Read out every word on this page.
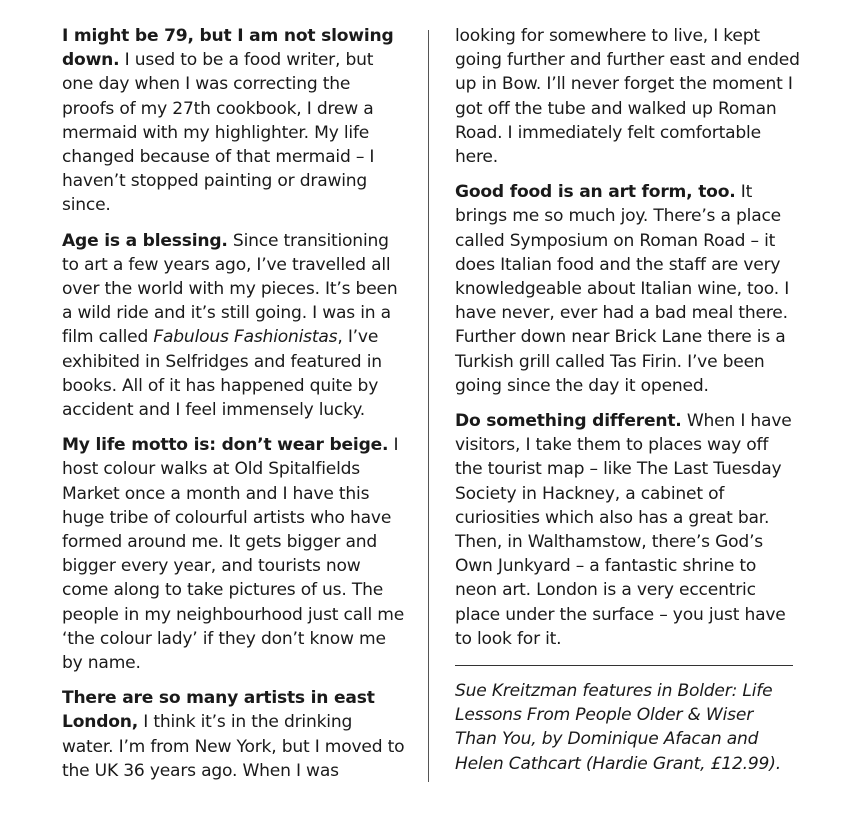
I might be 79, but I am not slowing down. I used to be a food writer, but one day when I was correcting the proofs of my 27th cookbook, I drew a mermaid with my highlighter. My life changed because of that mermaid – I haven’t stopped painting or drawing since.

Age is a blessing. Since transitioning to art a few years ago, I’ve travelled all over the world with my pieces. It’s been a wild ride and it’s still going. I was in a film called Fabulous Fashionistas, I’ve exhibited in Selfridges and featured in books. All of it has happened quite by accident and I feel immensely lucky.

My life motto is: don’t wear beige. I host colour walks at Old Spitalfields Market once a month and I have this huge tribe of colourful artists who have formed around me. It gets bigger and bigger every year, and tourists now come along to take pictures of us. The people in my neighbourhood just call me ‘the colour lady’ if they don’t know me by name.

There are so many artists in east London, I think it’s in the drinking water. I’m from New York, but I moved to the UK 36 years ago. When I was

looking for somewhere to live, I kept going further and further east and ended up in Bow. I’ll never forget the moment I got off the tube and walked up Roman Road. I immediately felt comfortable here.

Good food is an art form, too. It brings me so much joy. There’s a place called Symposium on Roman Road – it does Italian food and the staff are very knowledgeable about Italian wine, too. I have never, ever had a bad meal there. Further down near Brick Lane there is a Turkish grill called Tas Firin. I’ve been going since the day it opened.

Do something different. When I have visitors, I take them to places way off the tourist map – like The Last Tuesday Society in Hackney, a cabinet of curiosities which also has a great bar. Then, in Walthamstow, there’s God’s Own Junkyard – a fantastic shrine to neon art. London is a very eccentric place under the surface – you just have to look for it.

Sue Kreitzman features in Bolder: Life Lessons From People Older & Wiser Than You, by Dominique Afacan and Helen Cathcart (Hardie Grant, £12.99).
